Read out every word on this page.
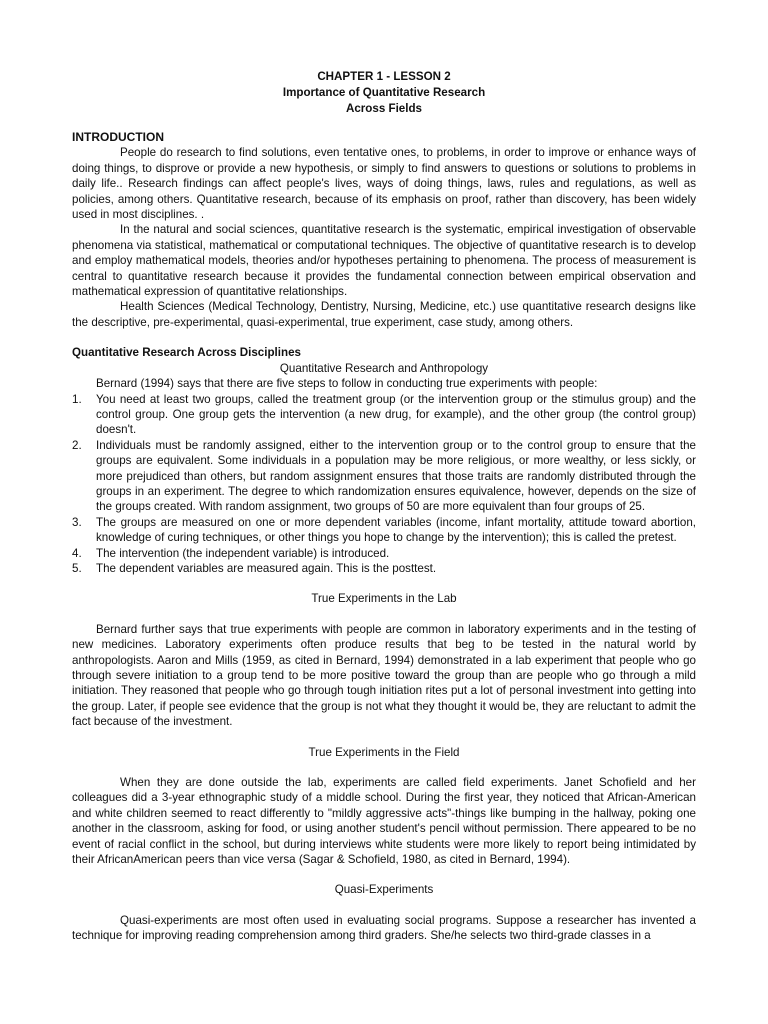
CHAPTER 1 - LESSON 2
Importance of Quantitative Research
Across Fields
INTRODUCTION

People do research to find solutions, even tentative ones, to problems, in order to improve or enhance ways of doing things, to disprove or provide a new hypothesis, or simply to find answers to questions or solutions to problems in daily life.. Research findings can affect people's lives, ways of doing things, laws, rules and regulations, as well as policies, among others. Quantitative research, because of its emphasis on proof, rather than discovery, has been widely used in most disciplines. .

In the natural and social sciences, quantitative research is the systematic, empirical investigation of observable phenomena via statistical, mathematical or computational techniques. The objective of quantitative research is to develop and employ mathematical models, theories and/or hypotheses pertaining to phenomena. The process of measurement is central to quantitative research because it provides the fundamental connection between empirical observation and mathematical expression of quantitative relationships.

Health Sciences (Medical Technology, Dentistry, Nursing, Medicine, etc.) use quantitative research designs like the descriptive, pre-experimental, quasi-experimental, true experiment, case study, among others.

Quantitative Research Across Disciplines

Quantitative Research and Anthropology

Bernard (1994) says that there are five steps to follow in conducting true experiments with people:

1. You need at least two groups, called the treatment group (or the intervention group or the stimulus group) and the control group. One group gets the intervention (a new drug, for example), and the other group (the control group) doesn't.
2. Individuals must be randomly assigned, either to the intervention group or to the control group to ensure that the groups are equivalent. Some individuals in a population may be more religious, or more wealthy, or less sickly, or more prejudiced than others, but random assignment ensures that those traits are randomly distributed through the groups in an experiment. The degree to which randomization ensures equivalence, however, depends on the size of the groups created. With random assignment, two groups of 50 are more equivalent than four groups of 25.
3. The groups are measured on one or more dependent variables (income, infant mortality, attitude toward abortion, knowledge of curing techniques, or other things you hope to change by the intervention); this is called the pretest.
4. The intervention (the independent variable) is introduced.
5. The dependent variables are measured again. This is the posttest.
True Experiments in the Lab

Bernard further says that true experiments with people are common in laboratory experiments and in the testing of new medicines. Laboratory experiments often produce results that beg to be tested in the natural world by anthropologists. Aaron and Mills (1959, as cited in Bernard, 1994) demonstrated in a lab experiment that people who go through severe initiation to a group tend to be more positive toward the group than are people who go through a mild initiation. They reasoned that people who go through tough initiation rites put a lot of personal investment into getting into the group. Later, if people see evidence that the group is not what they thought it would be, they are reluctant to admit the fact because of the investment.

True Experiments in the Field

When they are done outside the lab, experiments are called field experiments. Janet Schofield and her colleagues did a 3-year ethnographic study of a middle school. During the first year, they noticed that African-American and white children seemed to react differently to "mildly aggressive acts"-things like bumping in the hallway, poking one another in the classroom, asking for food, or using another student's pencil without permission. There appeared to be no event of racial conflict in the school, but during interviews white students were more likely to report being intimidated by their AfricanAmerican peers than vice versa (Sagar & Schofield, 1980, as cited in Bernard, 1994).

Quasi-Experiments

Quasi-experiments are most often used in evaluating social programs. Suppose a researcher has invented a technique for improving reading comprehension among third graders. She/he selects two third-grade classes in a
